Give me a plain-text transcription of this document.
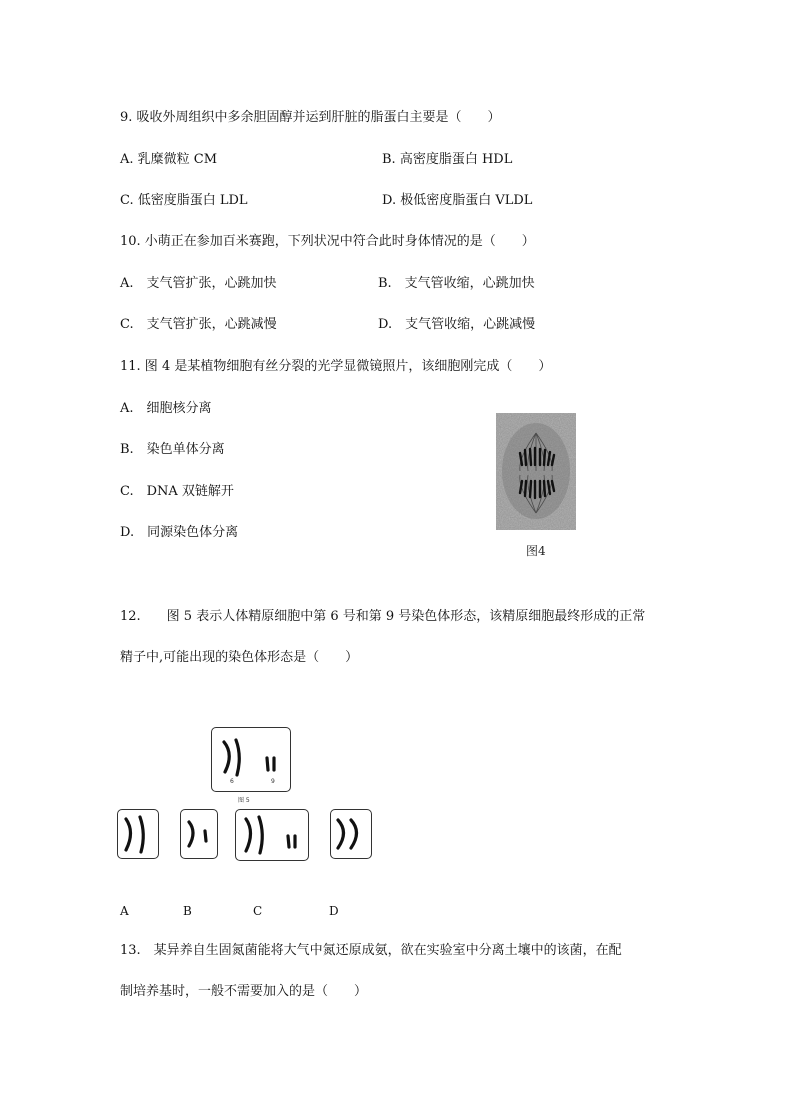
9. 吸收外周组织中多余胆固醇并运到肝脏的脂蛋白主要是（　　）
A. 乳糜微粒 CM	B. 高密度脂蛋白 HDL
C. 低密度脂蛋白 LDL	D. 极低密度脂蛋白 VLDL
10. 小萌正在参加百米赛跑，下列状况中符合此时身体情况的是（　　）
A.　支气管扩张，心跳加快	B.　支气管收缩，心跳加快
C.　支气管扩张，心跳减慢	D.　支气管收缩，心跳减慢
11. 图 4 是某植物细胞有丝分裂的光学显微镜照片，该细胞刚完成（　　）
A.　细胞核分离
B.　染色单体分离
C.　DNA 双链解开
D.　同源染色体分离
图4
12.　　图 5 表示人体精原细胞中第 6 号和第 9 号染色体形态，该精原细胞最终形成的正常
精子中,可能出现的染色体形态是（　　）
6	9
图 5
A	B	C	D
13.　某异养自生固氮菌能将大气中氮还原成氨，欲在实验室中分离土壤中的该菌，在配
制培养基时，一般不需要加入的是（　　）
